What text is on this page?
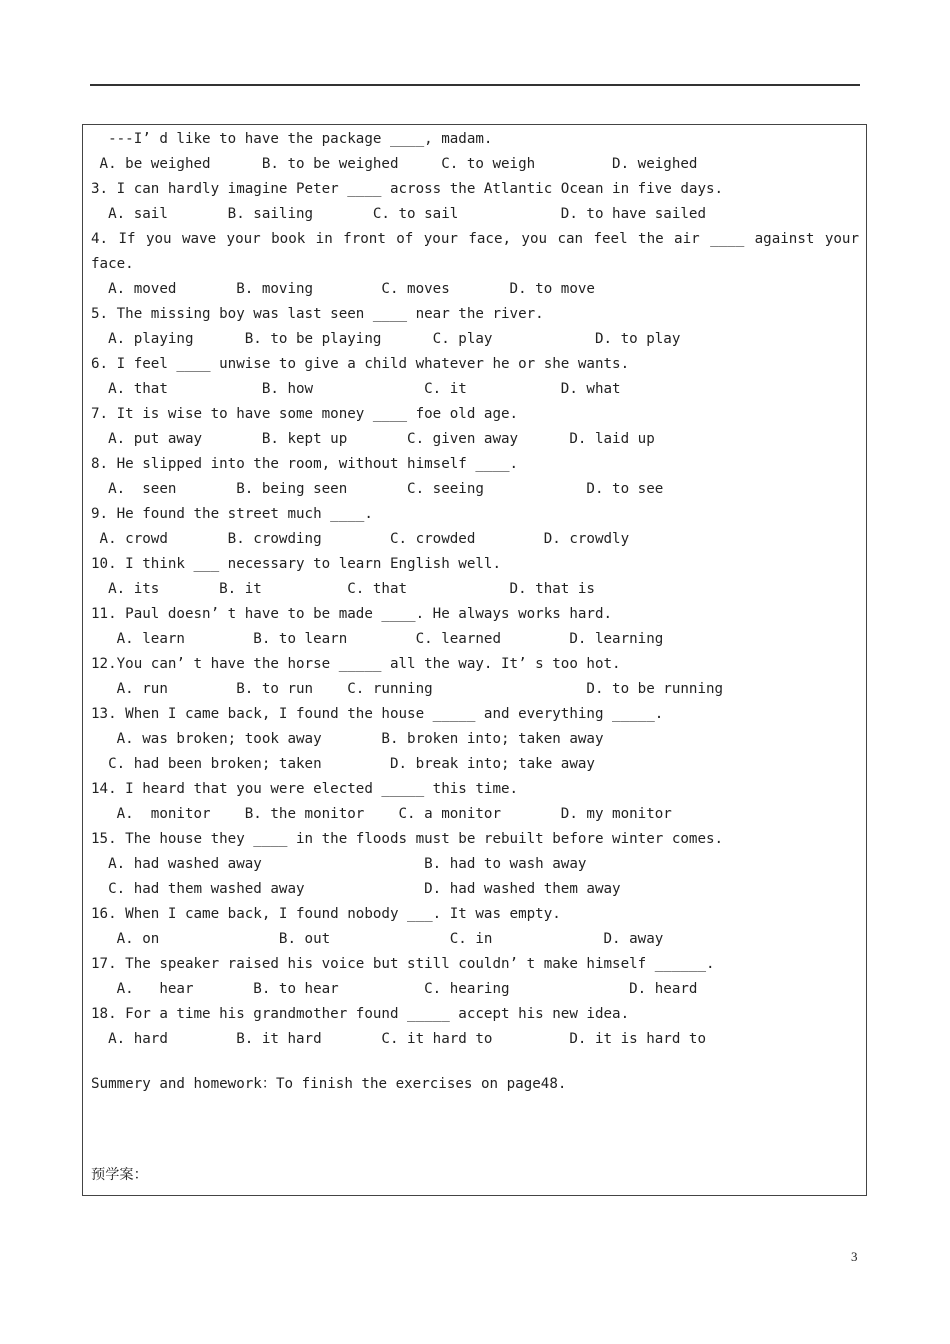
---I’ d like to have the package ____, madam.
A. be weighed      B. to be weighed     C. to weigh         D. weighed
3. I can hardly imagine Peter ____ across the Atlantic Ocean in five days.
A. sail       B. sailing       C. to sail            D. to have sailed
4. If you wave your book in front of your face, you can feel the air ____ against your
face.
A. moved       B. moving        C. moves       D. to move
5. The missing boy was last seen ____ near the river.
A. playing      B. to be playing      C. play            D. to play
6. I feel ____ unwise to give a child whatever he or she wants.
A. that           B. how             C. it           D. what
7. It is wise to have some money ____ foe old age.
A. put away       B. kept up       C. given away      D. laid up
8. He slipped into the room, without himself ____.
A.  seen       B. being seen       C. seeing            D. to see
9. He found the street much ____.
A. crowd       B. crowding        C. crowded        D. crowdly
10. I think ___ necessary to learn English well.
A. its       B. it          C. that            D. that is
11. Paul doesn’ t have to be made ____. He always works hard.
A. learn        B. to learn        C. learned        D. learning
12.You can’ t have the horse _____ all the way. It’ s too hot.
A. run        B. to run    C. running                  D. to be running
13. When I came back, I found the house _____ and everything _____.
A. was broken; took away       B. broken into; taken away
C. had been broken; taken        D. break into; take away
14. I heard that you were elected _____ this time.
A.  monitor    B. the monitor    C. a monitor       D. my monitor
15. The house they ____ in the floods must be rebuilt before winter comes.
A. had washed away                   B. had to wash away
C. had them washed away              D. had washed them away
16. When I came back, I found nobody ___. It was empty.
A. on              B. out              C. in             D. away
17. The speaker raised his voice but still couldn’ t make himself ______.
A.   hear       B. to hear          C. hearing              D. heard
18. For a time his grandmother found _____ accept his new idea.
A. hard        B. it hard       C. it hard to         D. it is hard to
Summery and homework：To finish the exercises on page48.
预学案：
3
